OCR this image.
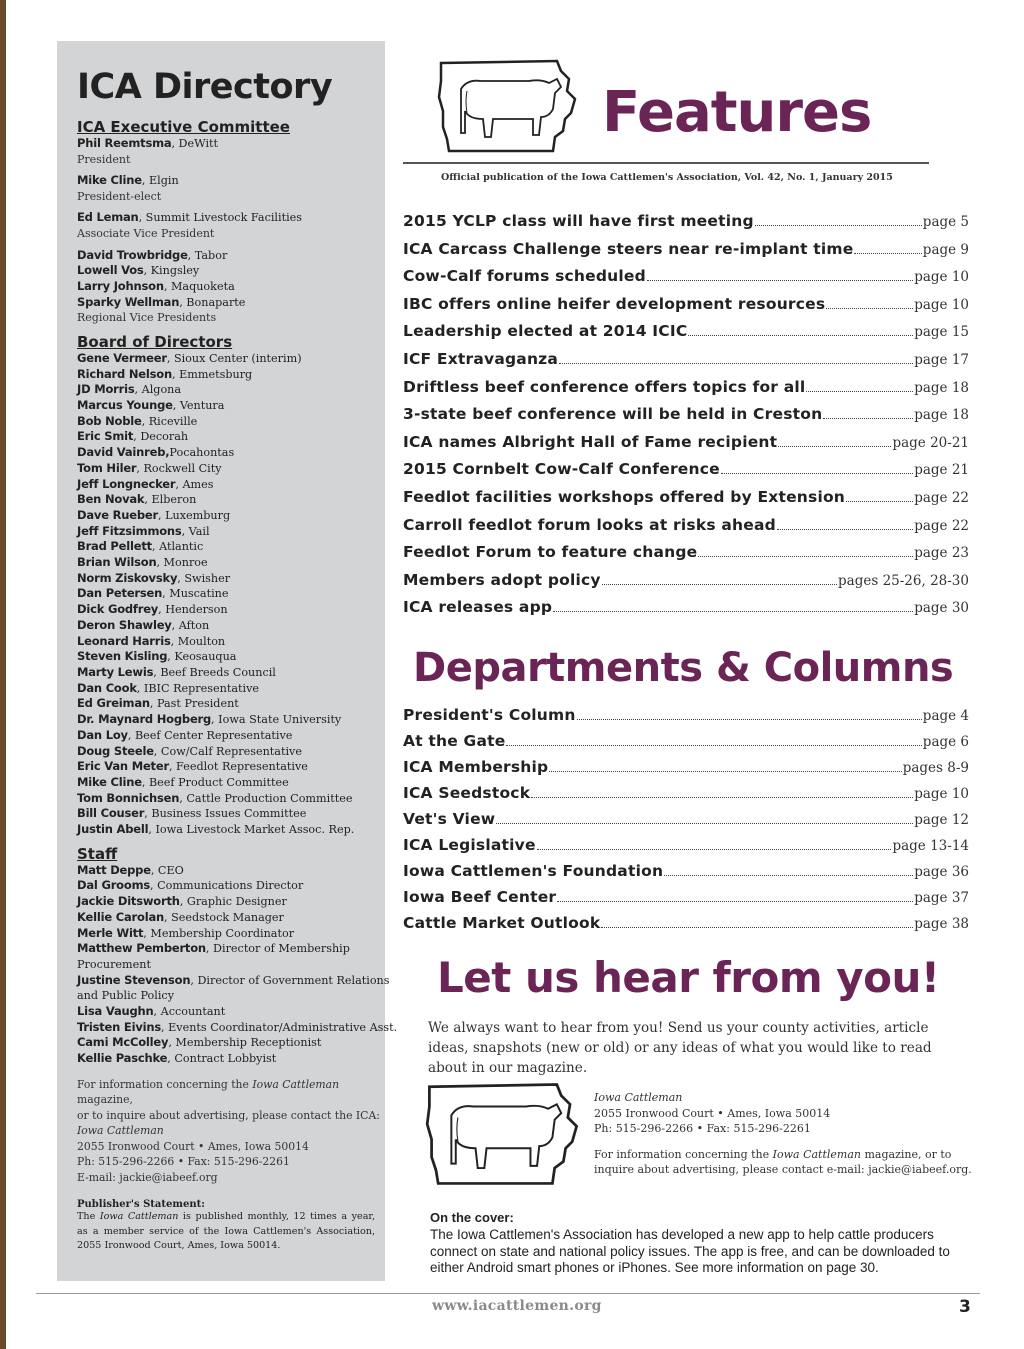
ICA Directory
ICA Executive Committee
Phil Reemtsma, DeWitt
President
Mike Cline, Elgin
President-elect
Ed Leman, Summit Livestock Facilities
Associate Vice President
David Trowbridge, Tabor
Lowell Vos, Kingsley
Larry Johnson, Maquoketa
Sparky Wellman, Bonaparte
Regional Vice Presidents
Board of Directors
Gene Vermeer, Sioux Center (interim)
Richard Nelson, Emmetsburg
JD Morris, Algona
Marcus Younge, Ventura
Bob Noble, Riceville
Eric Smit, Decorah
David Vainreb,Pocahontas
Tom Hiler, Rockwell City
Jeff Longnecker, Ames
Ben Novak, Elberon
Dave Rueber, Luxemburg
Jeff Fitzsimmons, Vail
Brad Pellett, Atlantic
Brian Wilson, Monroe
Norm Ziskovsky, Swisher
Dan Petersen, Muscatine
Dick Godfrey, Henderson
Deron Shawley, Afton
Leonard Harris, Moulton
Steven Kisling, Keosauqua
Marty Lewis, Beef Breeds Council
Dan Cook, IBIC Representative
Ed Greiman, Past President
Dr. Maynard Hogberg, Iowa State University
Dan Loy, Beef Center Representative
Doug Steele, Cow/Calf Representative
Eric Van Meter, Feedlot Representative
Mike Cline, Beef Product Committee
Tom Bonnichsen, Cattle Production Committee
Bill Couser, Business Issues Committee
Justin Abell, Iowa Livestock Market Assoc. Rep.
Staff
Matt Deppe, CEO
Dal Grooms, Communications Director
Jackie Ditsworth, Graphic Designer
Kellie Carolan, Seedstock Manager
Merle Witt, Membership Coordinator
Matthew Pemberton, Director of Membership
Procurement
Justine Stevenson, Director of Government Relations
and Public Policy
Lisa Vaughn, Accountant
Tristen Eivins, Events Coordinator/Administrative Asst.
Cami McColley, Membership Receptionist
Kellie Paschke, Contract Lobbyist
For information concerning the Iowa Cattleman magazine,
or to inquire about advertising, please contact the ICA:
Iowa Cattleman
2055 Ironwood Court • Ames, Iowa 50014
Ph: 515-296-2266 • Fax: 515-296-2261
E-mail: jackie@iabeef.org
Publisher's Statement:
The Iowa Cattleman is published monthly, 12 times a year, as a member service of the Iowa Cattlemen's Association, 2055 Ironwood Court, Ames, Iowa 50014.
Features
Official publication of the Iowa Cattlemen's Association, Vol. 42, No. 1, January 2015
2015 YCLP class will have first meeting	page 5
ICA Carcass Challenge steers near re-implant time	page 9
Cow-Calf forums scheduled	page 10
IBC offers online heifer development resources	page 10
Leadership elected at 2014 ICIC	page 15
ICF Extravaganza	page 17
Driftless beef conference offers topics for all	page 18
3-state beef conference will be held in Creston	page 18
ICA names Albright Hall of Fame recipient	page 20-21
2015 Cornbelt Cow-Calf Conference	page 21
Feedlot facilities workshops offered by Extension	page 22
Carroll feedlot forum looks at risks ahead	page 22
Feedlot Forum to feature change	page 23
Members adopt policy	pages 25-26, 28-30
ICA releases app	page 30
Departments & Columns
President's Column	page 4
At the Gate	page 6
ICA Membership	pages 8-9
ICA Seedstock	page 10
Vet's View	page 12
ICA Legislative	page 13-14
Iowa Cattlemen's Foundation	page 36
Iowa Beef Center	page 37
Cattle Market Outlook	page 38
Let us hear from you!
We always want to hear from you! Send us your county activities, article ideas, snapshots (new or old) or any ideas of what you would like to read about in our magazine.
Iowa Cattleman
2055 Ironwood Court • Ames, Iowa 50014
Ph: 515-296-2266 • Fax: 515-296-2261
For information concerning the Iowa Cattleman magazine, or to inquire about advertising, please contact e-mail: jackie@iabeef.org.
On the cover:
The Iowa Cattlemen's Association has developed a new app to help cattle producers connect on state and national policy issues. The app is free, and can be downloaded to either Android smart phones or iPhones. See more information on page 30.
www.iacattlemen.org	3
